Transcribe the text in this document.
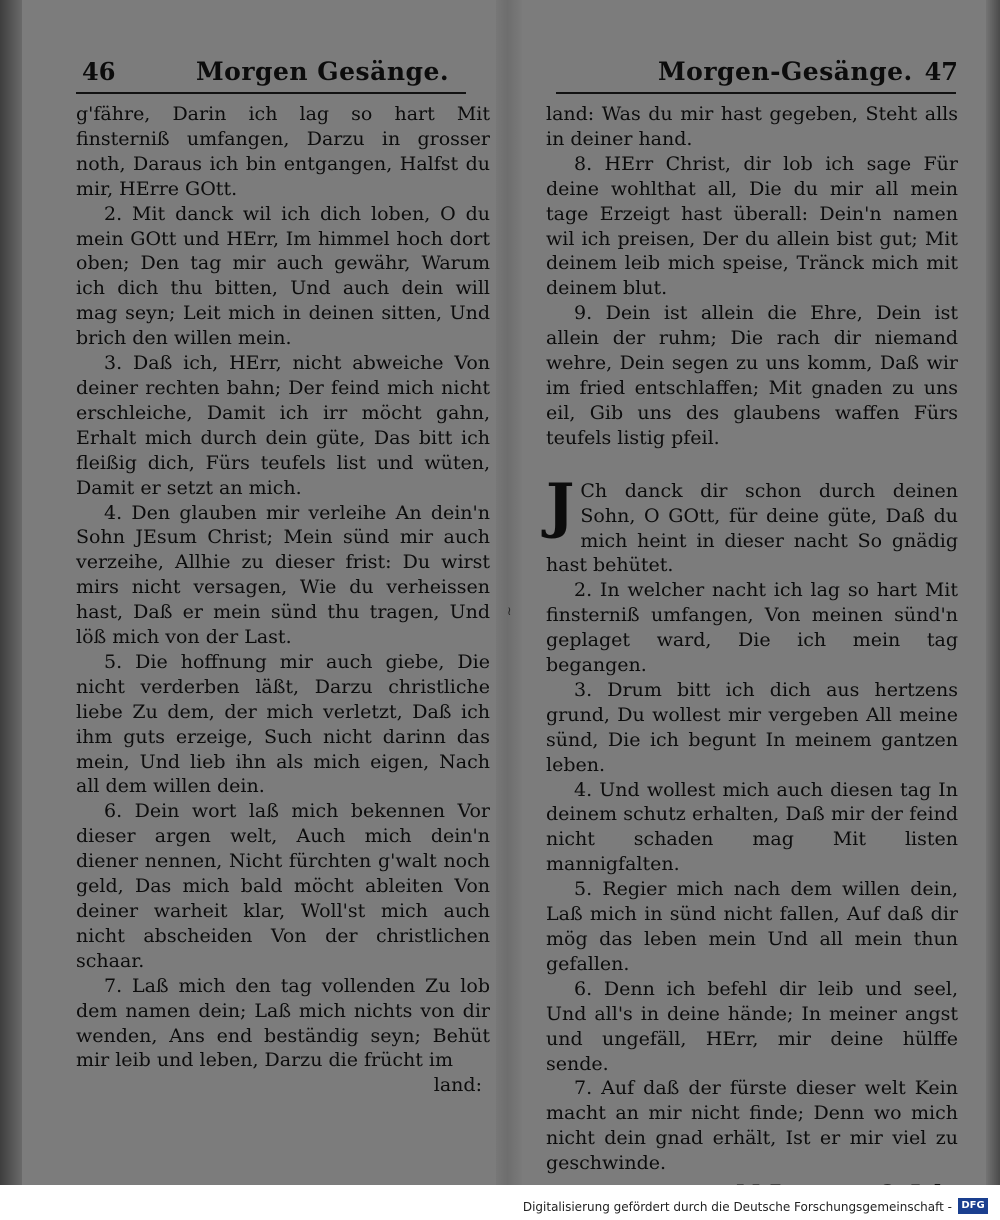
≀
46	Morgen Gesänge.

g'fähre, Darin ich lag so hart Mit finsterniß umfangen, Darzu in grosser noth, Daraus ich bin entgangen, Halfst du mir, HErre GOtt.

2. Mit danck wil ich dich loben, O du mein GOtt und HErr, Im himmel hoch dort oben; Den tag mir auch gewähr, Warum ich dich thu bitten, Und auch dein will mag seyn; Leit mich in deinen sitten, Und brich den willen mein.

3. Daß ich, HErr, nicht abweiche Von deiner rechten bahn; Der feind mich nicht erschleiche, Damit ich irr möcht gahn, Erhalt mich durch dein güte, Das bitt ich fleißig dich, Fürs teufels list und wüten, Damit er setzt an mich.

4. Den glauben mir verleihe An dein'n Sohn JEsum Christ; Mein sünd mir auch verzeihe, Allhie zu dieser frist: Du wirst mirs nicht versagen, Wie du verheissen hast, Daß er mein sünd thu tragen, Und löß mich von der Last.

5. Die hoffnung mir auch giebe, Die nicht verderben läßt, Darzu christliche liebe Zu dem, der mich verletzt, Daß ich ihm guts erzeige, Such nicht darinn das mein, Und lieb ihn als mich eigen, Nach all dem willen dein.

6. Dein wort laß mich bekennen Vor dieser argen welt, Auch mich dein'n diener nennen, Nicht fürchten g'walt noch geld, Das mich bald möcht ableiten Von deiner warheit klar, Woll'st mich auch nicht abscheiden Von der christlichen schaar.

7. Laß mich den tag vollenden Zu lob dem namen dein; Laß mich nichts von dir wenden, Ans end beständig seyn; Behüt mir leib und leben, Darzu die frücht im

land:

Morgen-Gesänge. 47

land: Was du mir hast gegeben, Steht alls in deiner hand.

8. HErr Christ, dir lob ich sage Für deine wohlthat all, Die du mir all mein tage Erzeigt hast überall: Dein'n namen wil ich preisen, Der du allein bist gut; Mit deinem leib mich speise, Tränck mich mit deinem blut.

9. Dein ist allein die Ehre, Dein ist allein der ruhm; Die rach dir niemand wehre, Dein segen zu uns komm, Daß wir im fried entschlaffen; Mit gnaden zu uns eil, Gib uns des glaubens waffen Fürs teufels listig pfeil.

J Ch danck dir schon durch deinen Sohn, O GOtt, für deine güte, Daß du mich heint in dieser nacht So gnädig hast behütet.

2. In welcher nacht ich lag so hart Mit finsterniß umfangen, Von meinen sünd'n geplaget ward, Die ich mein tag begangen.

3. Drum bitt ich dich aus hertzens grund, Du wollest mir vergeben All meine sünd, Die ich begunt In meinem gantzen leben.

4. Und wollest mich auch diesen tag In deinem schutz erhalten, Daß mir der feind nicht schaden mag Mit listen mannigfalten.

5. Regier mich nach dem willen dein, Laß mich in sünd nicht fallen, Auf daß dir mög das leben mein Und all mein thun gefallen.

6. Denn ich befehl dir leib und seel, Und all's in deine hände; In meiner angst und ungefäll, HErr, mir deine hülffe sende.

7. Auf daß der fürste dieser welt Kein macht an mir nicht finde; Denn wo mich nicht dein gnad erhält, Ist er mir viel zu geschwinde.

Digitalisierung gefördert durch die Deutsche Forschungsgemeinschaft - DFG
